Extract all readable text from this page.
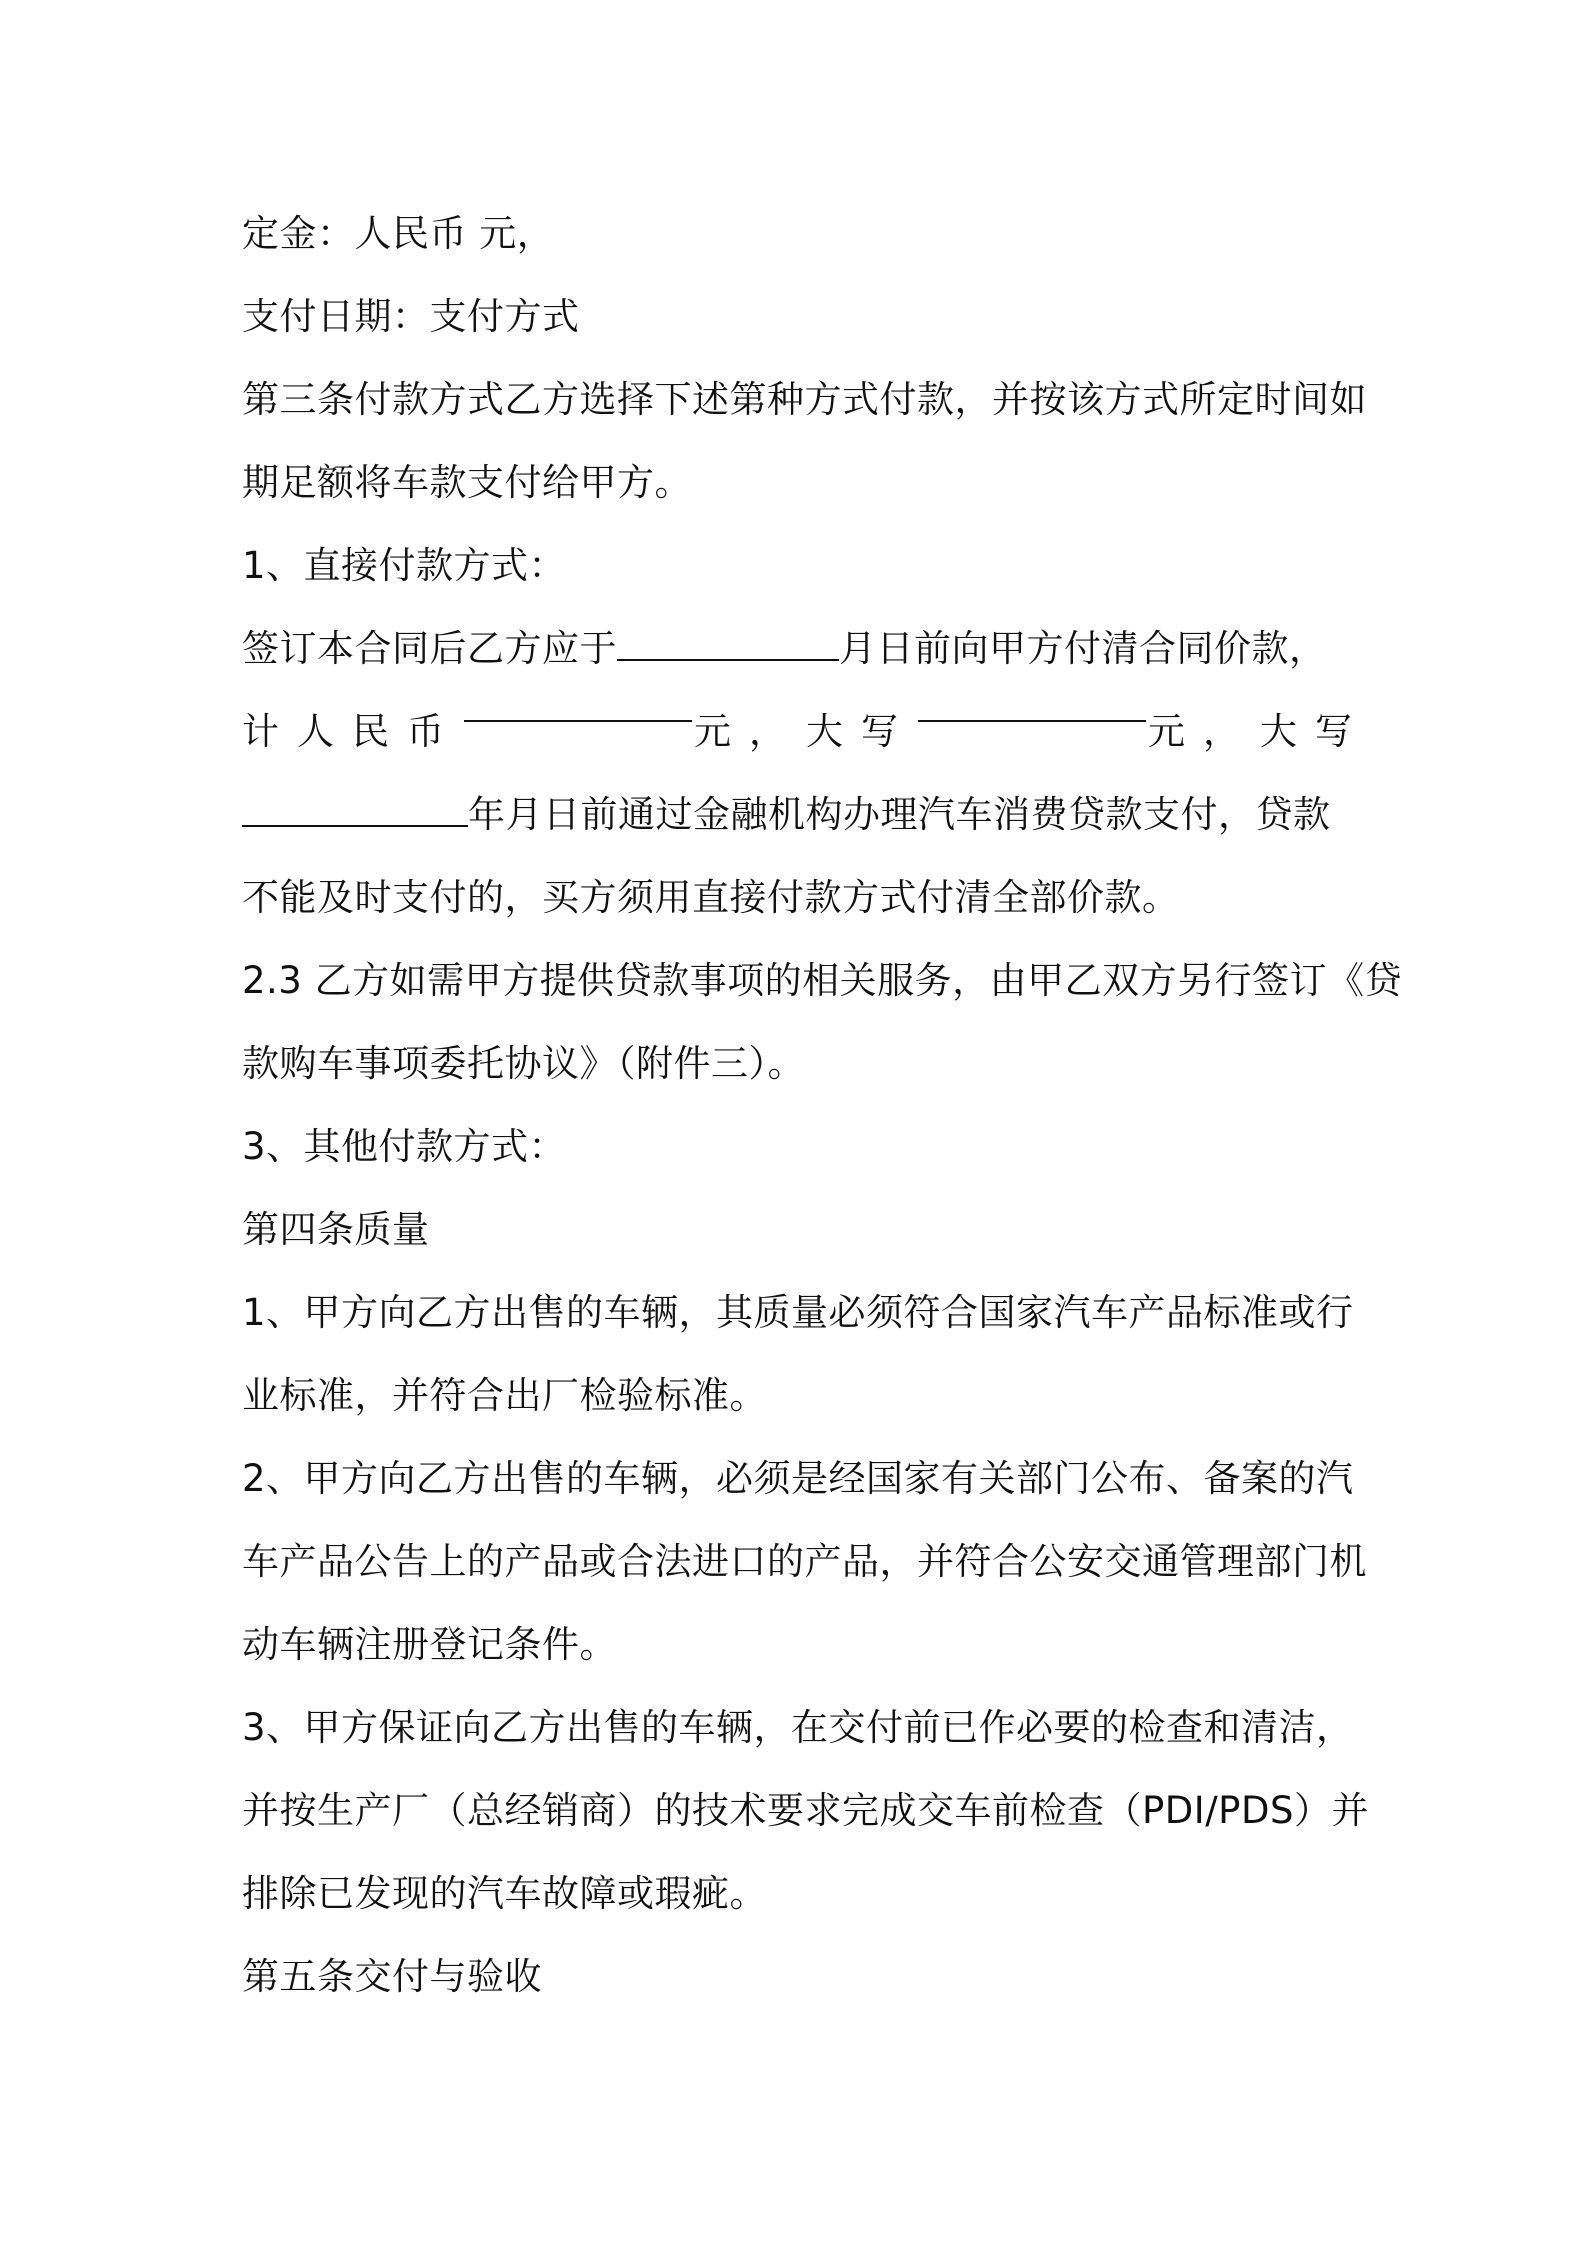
定金：人民币 元，

支付日期：支付方式

第三条付款方式乙方选择下述第种方式付款，并按该方式所定时间如

期足额将车款支付给甲方。

1、直接付款方式：

签订本合同后乙方应于	月日前向甲方付清合同价款，

计人民币	元， 大写	元， 大写

年月日前通过金融机构办理汽车消费贷款支付，贷款

不能及时支付的，买方须用直接付款方式付清全部价款。

2.3 乙方如需甲方提供贷款事项的相关服务，由甲乙双方另行签订《贷

款购车事项委托协议》（附件三）。

3、其他付款方式：

第四条质量

1、甲方向乙方出售的车辆，其质量必须符合国家汽车产品标准或行

业标准，并符合出厂检验标准。

2、甲方向乙方出售的车辆，必须是经国家有关部门公布、备案的汽

车产品公告上的产品或合法进口的产品，并符合公安交通管理部门机

动车辆注册登记条件。

3、甲方保证向乙方出售的车辆，在交付前已作必要的检查和清洁，

并按生产厂（总经销商）的技术要求完成交车前检查（PDI/PDS）并

排除已发现的汽车故障或瑕疵。

第五条交付与验收
